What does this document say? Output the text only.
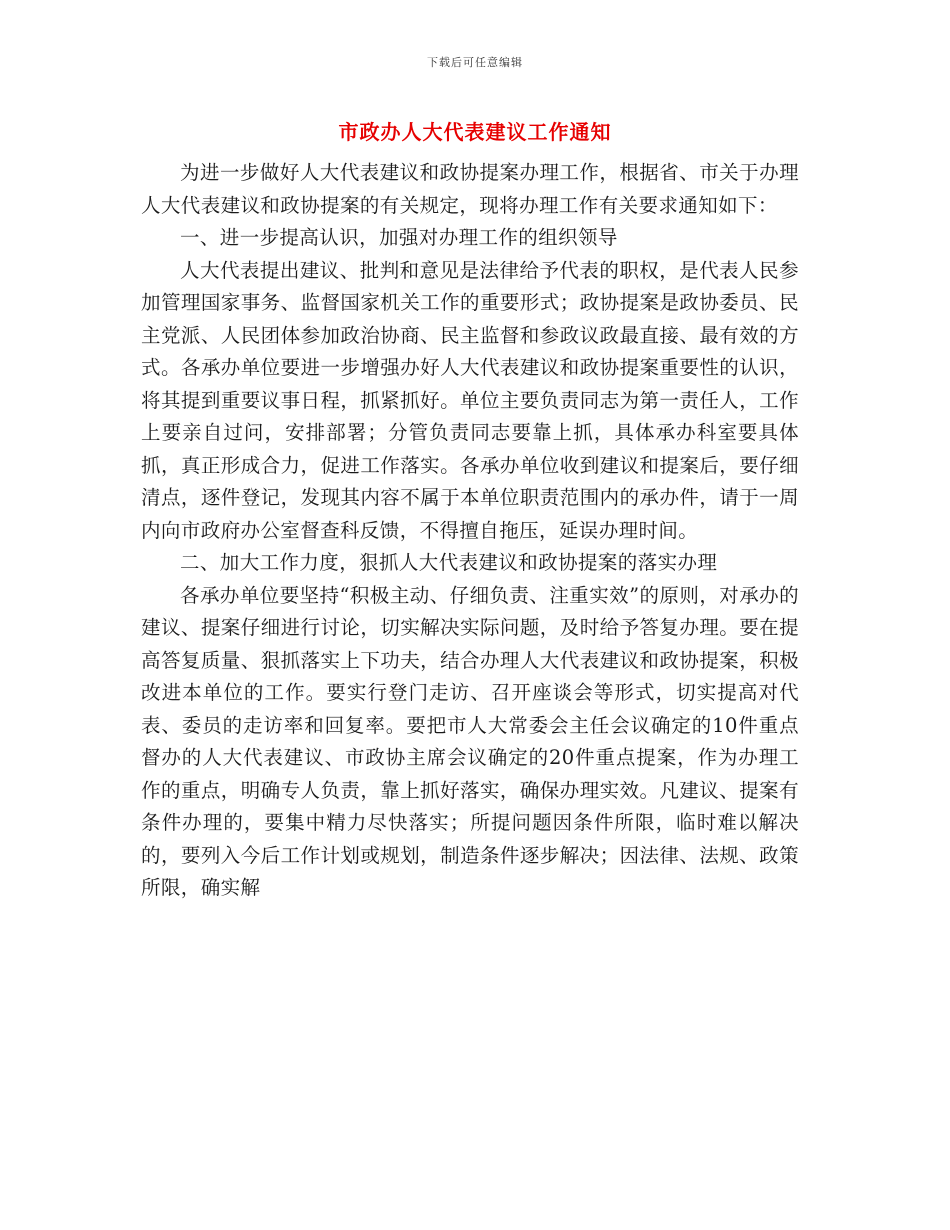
下载后可任意编辑
市政办人大代表建议工作通知

为进一步做好人大代表建议和政协提案办理工作，根据省、市关于办理人大代表建议和政协提案的有关规定，现将办理工作有关要求通知如下：

一、进一步提高认识，加强对办理工作的组织领导

人大代表提出建议、批判和意见是法律给予代表的职权，是代表人民参加管理国家事务、监督国家机关工作的重要形式；政协提案是政协委员、民主党派、人民团体参加政治协商、民主监督和参政议政最直接、最有效的方式。各承办单位要进一步增强办好人大代表建议和政协提案重要性的认识，将其提到重要议事日程，抓紧抓好。单位主要负责同志为第一责任人，工作上要亲自过问，安排部署；分管负责同志要靠上抓，具体承办科室要具体抓，真正形成合力，促进工作落实。各承办单位收到建议和提案后，要仔细清点，逐件登记，发现其内容不属于本单位职责范围内的承办件，请于一周内向市政府办公室督查科反馈，不得擅自拖压，延误办理时间。

二、加大工作力度，狠抓人大代表建议和政协提案的落实办理

各承办单位要坚持“积极主动、仔细负责、注重实效”的原则，对承办的建议、提案仔细进行讨论，切实解决实际问题，及时给予答复办理。要在提高答复质量、狠抓落实上下功夫，结合办理人大代表建议和政协提案，积极改进本单位的工作。要实行登门走访、召开座谈会等形式，切实提高对代表、委员的走访率和回复率。要把市人大常委会主任会议确定的10件重点督办的人大代表建议、市政协主席会议确定的20件重点提案，作为办理工作的重点，明确专人负责，靠上抓好落实，确保办理实效。凡建议、提案有条件办理的，要集中精力尽快落实；所提问题因条件所限，临时难以解决的，要列入今后工作计划或规划，制造条件逐步解决；因法律、法规、政策所限，确实解
